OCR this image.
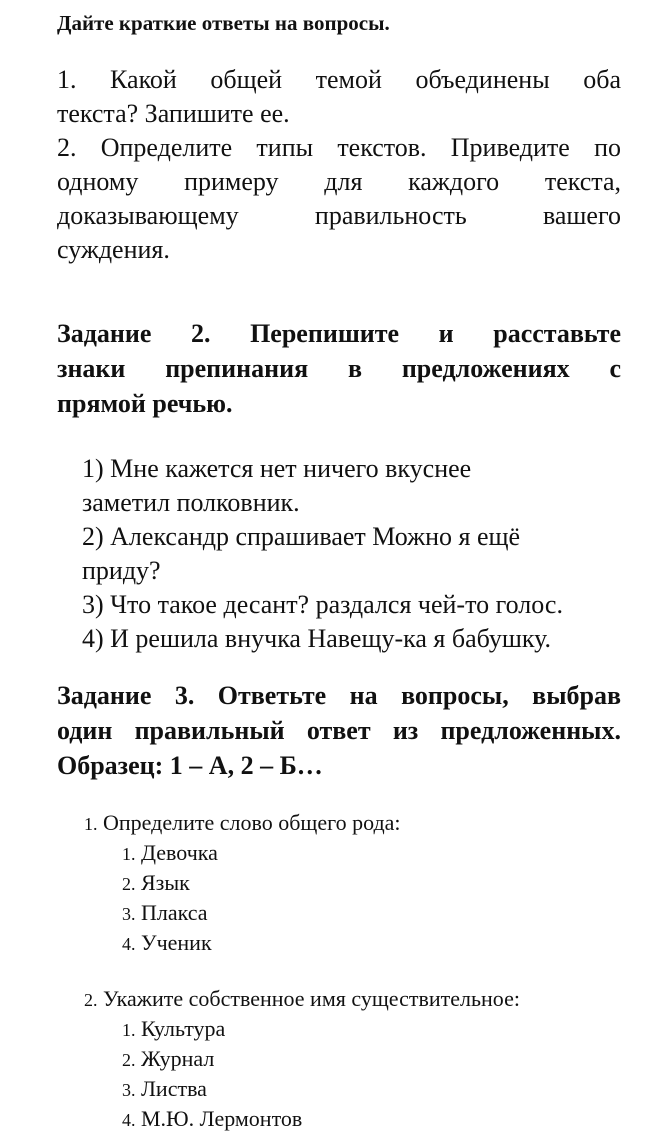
Дайте краткие ответы на вопросы.
1. Какой общей темой объединены оба
текста? Запишите ее.
2. Определите типы текстов. Приведите по
одному примеру для каждого текста,
доказывающему правильность вашего
суждения.
Задание 2. Перепишите и расставьте
знаки препинания в предложениях с
прямой речью.
1) Мне кажется нет ничего вкуснее
заметил полковник.
2) Александр спрашивает Можно я ещё
приду?
3) Что такое десант? раздался чей-то голос.
4) И решила внучка Навещу-ка я бабушку.
Задание 3. Ответьте на вопросы, выбрав
один правильный ответ из предложенных.
Образец: 1 – А, 2 – Б…
1. Определите слово общего рода:
1. Девочка
2. Язык
3. Плакса
4. Ученик
2. Укажите собственное имя существительное:
1. Культура
2. Журнал
3. Листва
4. М.Ю. Лермонтов
